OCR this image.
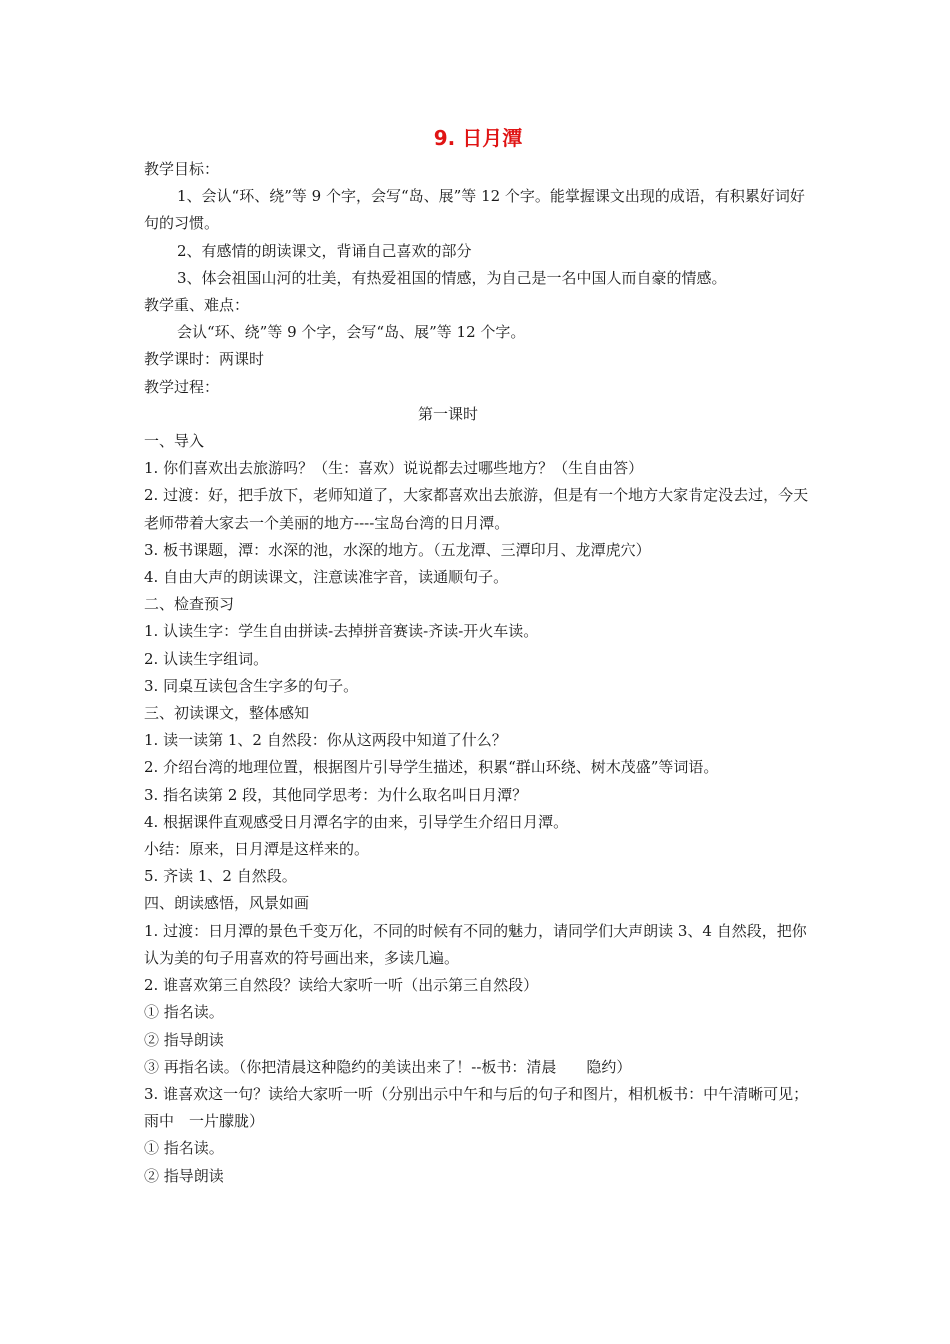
9. 日月潭
教学目标：
1、会认“环、绕”等 9 个字，会写“岛、展”等 12 个字。能掌握课文出现的成语，有积累好词好句的习惯。
2、有感情的朗读课文，背诵自己喜欢的部分
3、体会祖国山河的壮美，有热爱祖国的情感，为自己是一名中国人而自豪的情感。
教学重、难点：
会认“环、绕”等 9 个字，会写“岛、展”等 12 个字。
教学课时：两课时
教学过程：
第一课时
一、导入
1. 你们喜欢出去旅游吗？（生：喜欢）说说都去过哪些地方？（生自由答）
2. 过渡：好，把手放下，老师知道了，大家都喜欢出去旅游，但是有一个地方大家肯定没去过，今天老师带着大家去一个美丽的地方----宝岛台湾的日月潭。
3. 板书课题，潭：水深的池，水深的地方。（五龙潭、三潭印月、龙潭虎穴）
4. 自由大声的朗读课文，注意读准字音，读通顺句子。
二、检查预习
1. 认读生字：学生自由拼读-去掉拼音赛读-齐读-开火车读。
2. 认读生字组词。
3. 同桌互读包含生字多的句子。
三、初读课文，整体感知
1. 读一读第 1、2 自然段：你从这两段中知道了什么？
2. 介绍台湾的地理位置，根据图片引导学生描述，积累“群山环绕、树木茂盛”等词语。
3. 指名读第 2 段，其他同学思考：为什么取名叫日月潭？
4. 根据课件直观感受日月潭名字的由来，引导学生介绍日月潭。
小结：原来，日月潭是这样来的。
5. 齐读 1、2 自然段。
四、朗读感悟，风景如画
1. 过渡：日月潭的景色千变万化，不同的时候有不同的魅力，请同学们大声朗读 3、4 自然段，把你认为美的句子用喜欢的符号画出来，多读几遍。
2. 谁喜欢第三自然段？读给大家听一听（出示第三自然段）
① 指名读。
② 指导朗读
③ 再指名读。（你把清晨这种隐约的美读出来了！--板书：清晨　　隐约）
3. 谁喜欢这一句？读给大家听一听（分别出示中午和与后的句子和图片，相机板书：中午清晰可见；雨中　一片朦胧）
① 指名读。
② 指导朗读
